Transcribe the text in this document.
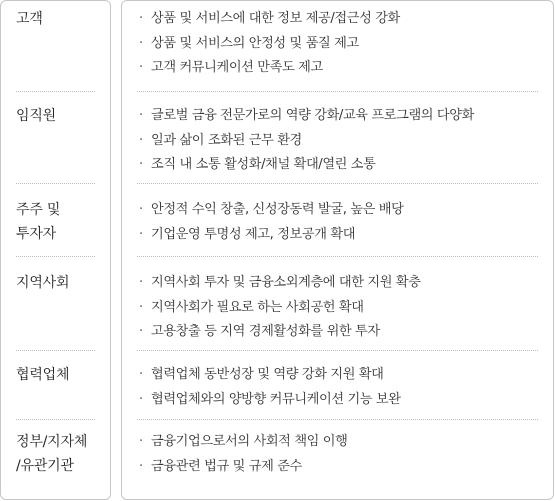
고객
임직원
주주 및
투자자
지역사회
협력업체
정부/지자체
/유관기관
· 상품 및 서비스에 대한 정보 제공/접근성 강화
· 상품 및 서비스의 안정성 및 품질 제고
· 고객 커뮤니케이션 만족도 제고
· 글로벌 금융 전문가로의 역량 강화/교육 프로그램의 다양화
· 일과 삶이 조화된 근무 환경
· 조직 내 소통 활성화/채널 확대/열린 소통
· 안정적 수익 창출, 신성장동력 발굴, 높은 배당
· 기업운영 투명성 제고, 정보공개 확대
· 지역사회 투자 및 금융소외계층에 대한 지원 확충
· 지역사회가 필요로 하는 사회공헌 확대
· 고용창출 등 지역 경제활성화를 위한 투자
· 협력업체 동반성장 및 역량 강화 지원 확대
· 협력업체와의 양방향 커뮤니케이션 기능 보완
· 금융기업으로서의 사회적 책임 이행
· 금융관련 법규 및 규제 준수
